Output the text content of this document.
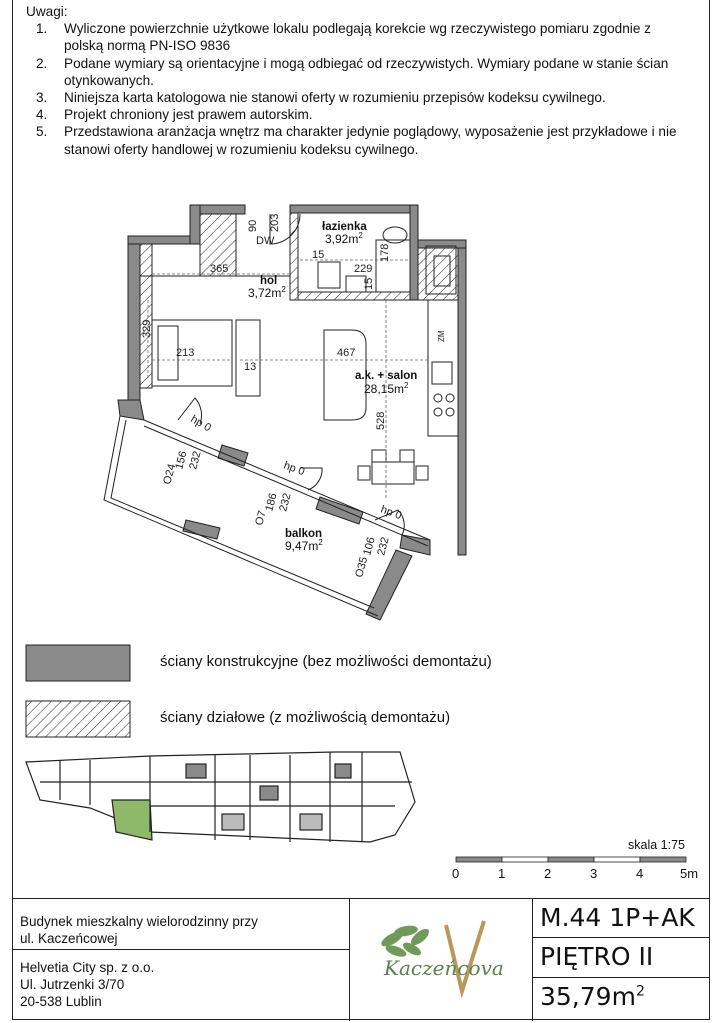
Uwagi:

1. Wyliczone powierzchnie użytkowe lokalu podlegają korekcie wg rzeczywistego pomiaru zgodnie z
polską normą PN-ISO 9836
2. Podane wymiary są orientacyjne i mogą odbiegać od rzeczywistych. Wymiary podane w stanie ścian
otynkowanych.
3. Niniejsza karta katologowa nie stanowi oferty w rozumieniu przepisów kodeksu cywilnego.
4. Projekt chroniony jest prawem autorskim.
5. Przedstawiona aranżacja wnętrz ma charakter jedynie poglądowy, wyposażenie jest przykładowe i nie
stanowi oferty handlowej w rozumieniu kodeksu cywilnego.
łazienka
$3,92m^2$
hol
$3,72m^2$
a.k. + salon
$28,15m^2$
balkon
$9,47m^2$
90
DW
203
15
229
178
15
365
329
213
13
467
528
ZM
hp 0
hp 0
hp 0
156
232
O24
186
232
O7
106
232
O35
skala 1:75
0	1	2	3	4	5m
ściany konstrukcyjne (bez możliwości demontażu)
ściany działowe (z możliwością demontażu)
Budynek mieszkalny wielorodzinny przy
ul. Kaczeńcowej
Helvetia City sp. z o.o.
Ul. Jutrzenki 3/70
20-538 Lublin
Kaczeńcova
M.44 1P+AK
PIĘTRO II
$35,79m^2$
